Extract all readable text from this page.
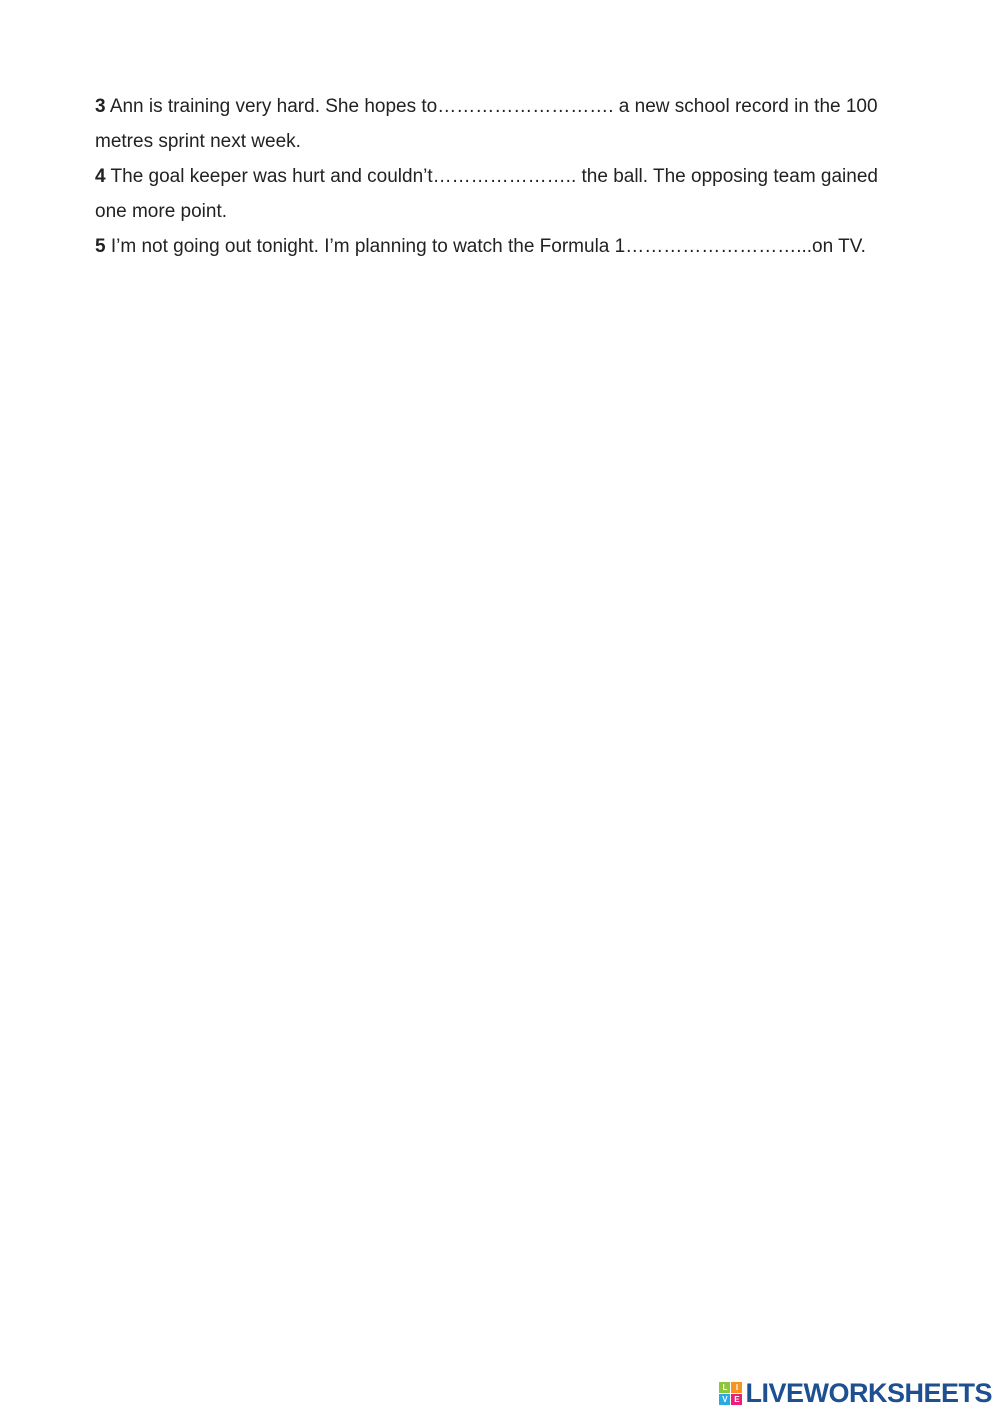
3 Ann is training very hard. She hopes to………………………. a new school record in the 100 metres sprint next week.

4 The goal keeper was hurt and couldn’t………………….. the ball. The opposing team gained one more point.

5 I’m not going out tonight. I’m planning to watch the Formula 1………………………...on TV.

L	I
V E LIVEWORKSHEETS
